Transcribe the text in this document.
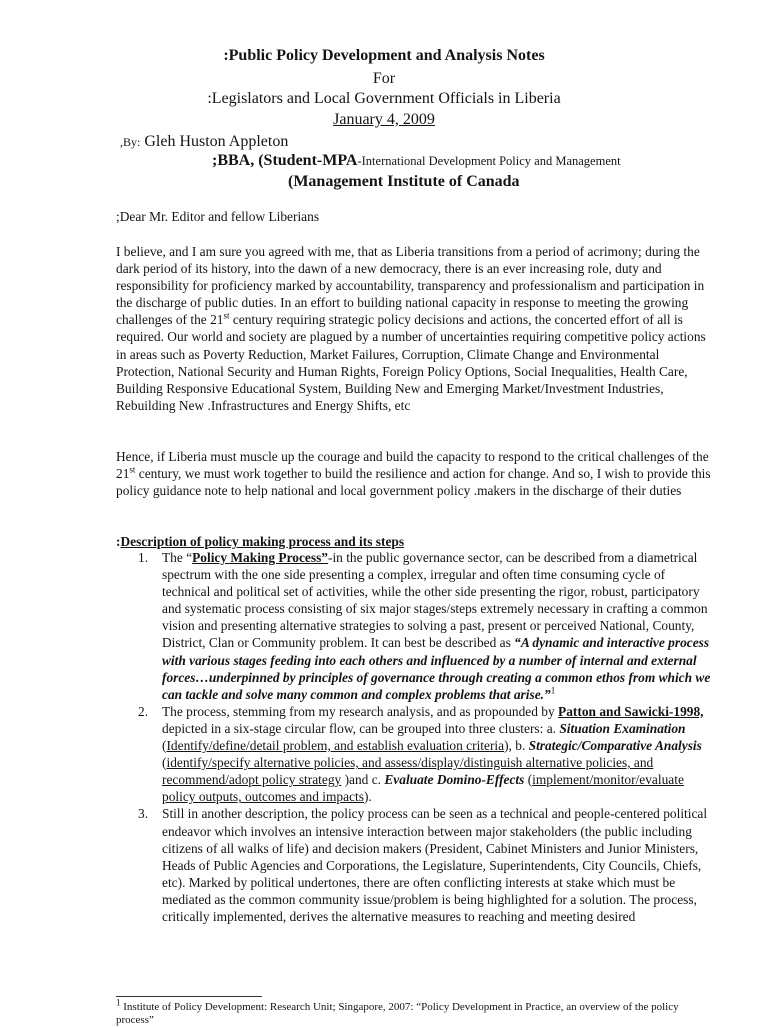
:Public Policy Development and Analysis Notes
For
:Legislators and Local Government Officials in Liberia
January 4, 2009
,By: Gleh Huston Appleton
;BBA, (Student-MPA-International Development Policy and Management
(Management Institute of Canada
;Dear Mr. Editor and fellow Liberians
I believe, and I am sure you agreed with me, that as Liberia transitions from a period of acrimony; during the dark period of its history, into the dawn of a new democracy, there is an ever increasing role, duty and responsibility for proficiency marked by accountability, transparency and professionalism and participation in the discharge of public duties. In an effort to building national capacity in response to meeting the growing challenges of the 21st century requiring strategic policy decisions and actions, the concerted effort of all is required. Our world and society are plagued by a number of uncertainties requiring competitive policy actions in areas such as Poverty Reduction, Market Failures, Corruption, Climate Change and Environmental Protection, National Security and Human Rights, Foreign Policy Options, Social Inequalities, Health Care, Building Responsive Educational System, Building New and Emerging Market/Investment Industries, Rebuilding New .Infrastructures and Energy Shifts, etc
Hence, if Liberia must muscle up the courage and build the capacity to respond to the critical challenges of the 21st century, we must work together to build the resilience and action for change. And so, I wish to provide this policy guidance note to help national and local government policy .makers in the discharge of their duties
:Description of policy making process and its steps
1. The “Policy Making Process”-in the public governance sector, can be described from a diametrical spectrum with the one side presenting a complex, irregular and often time consuming cycle of technical and political set of activities, while the other side presenting the rigor, robust, participatory and systematic process consisting of six major stages/steps extremely necessary in crafting a common vision and presenting alternative strategies to solving a past, present or perceived National, County, District, Clan or Community problem. It can best be described as “A dynamic and interactive process with various stages feeding into each others and influenced by a number of internal and external forces…underpinned by principles of governance through creating a common ethos from which we can tackle and solve many common and complex problems that arise.”$^1$
2. The process, stemming from my research analysis, and as propounded by Patton and Sawicki-1998, depicted in a six-stage circular flow, can be grouped into three clusters: a. Situation Examination (Identify/define/detail problem, and establish evaluation criteria), b. Strategic/Comparative Analysis (identify/specify alternative policies, and assess/display/distinguish alternative policies, and recommend/adopt policy strategy )and c. Evaluate Domino-Effects (implement/monitor/evaluate policy outputs, outcomes and impacts).
3. Still in another description, the policy process can be seen as a technical and people-centered political endeavor which involves an intensive interaction between major stakeholders (the public including citizens of all walks of life) and decision makers (President, Cabinet Ministers and Junior Ministers, Heads of Public Agencies and Corporations, the Legislature, Superintendents, City Councils, Chiefs, etc). Marked by political undertones, there are often conflicting interests at stake which must be mediated as the common community issue/problem is being highlighted for a solution. The process, critically implemented, derives the alternative measures to reaching and meeting desired
$^1$ Institute of Policy Development: Research Unit; Singapore, 2007: “Policy Development in Practice, an overview of the policy process”
